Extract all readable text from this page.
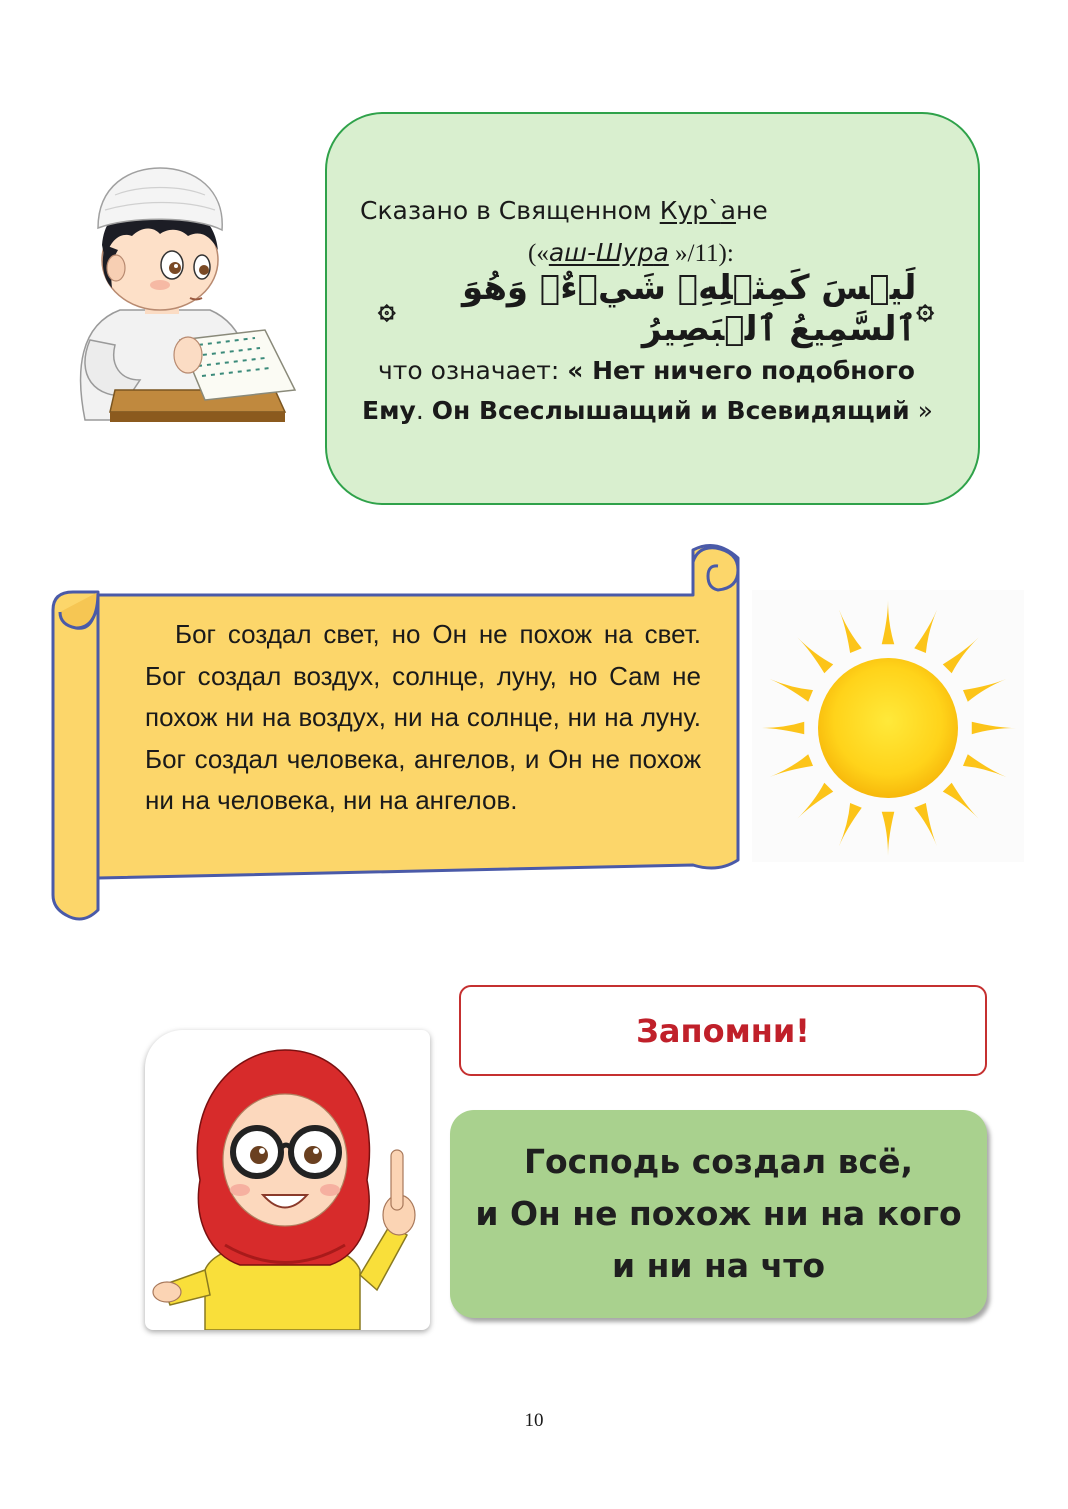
Сказано в Священном Кур`ане
(«аш-Шура »/11):
۞
لَيۡسَ كَمِثۡلِهِۦ شَيۡءٌۖ وَهُوَ ٱلسَّمِيعُ ٱلۡبَصِيرُ
۞
что означает: « Нет ничего подобного
Ему. Он Всеслышащий и Всевидящий »

Бог создал свет, но Он не похож на свет. Бог создал воздух, солнце, луну, но Сам не похож ни на воздух, ни на солнце, ни на луну. Бог создал человека, ангелов, и Он не похож ни на человека, ни на ангелов.

Запомни!
Господь создал всё,
и Он не похож ни на кого
и ни на что
10
